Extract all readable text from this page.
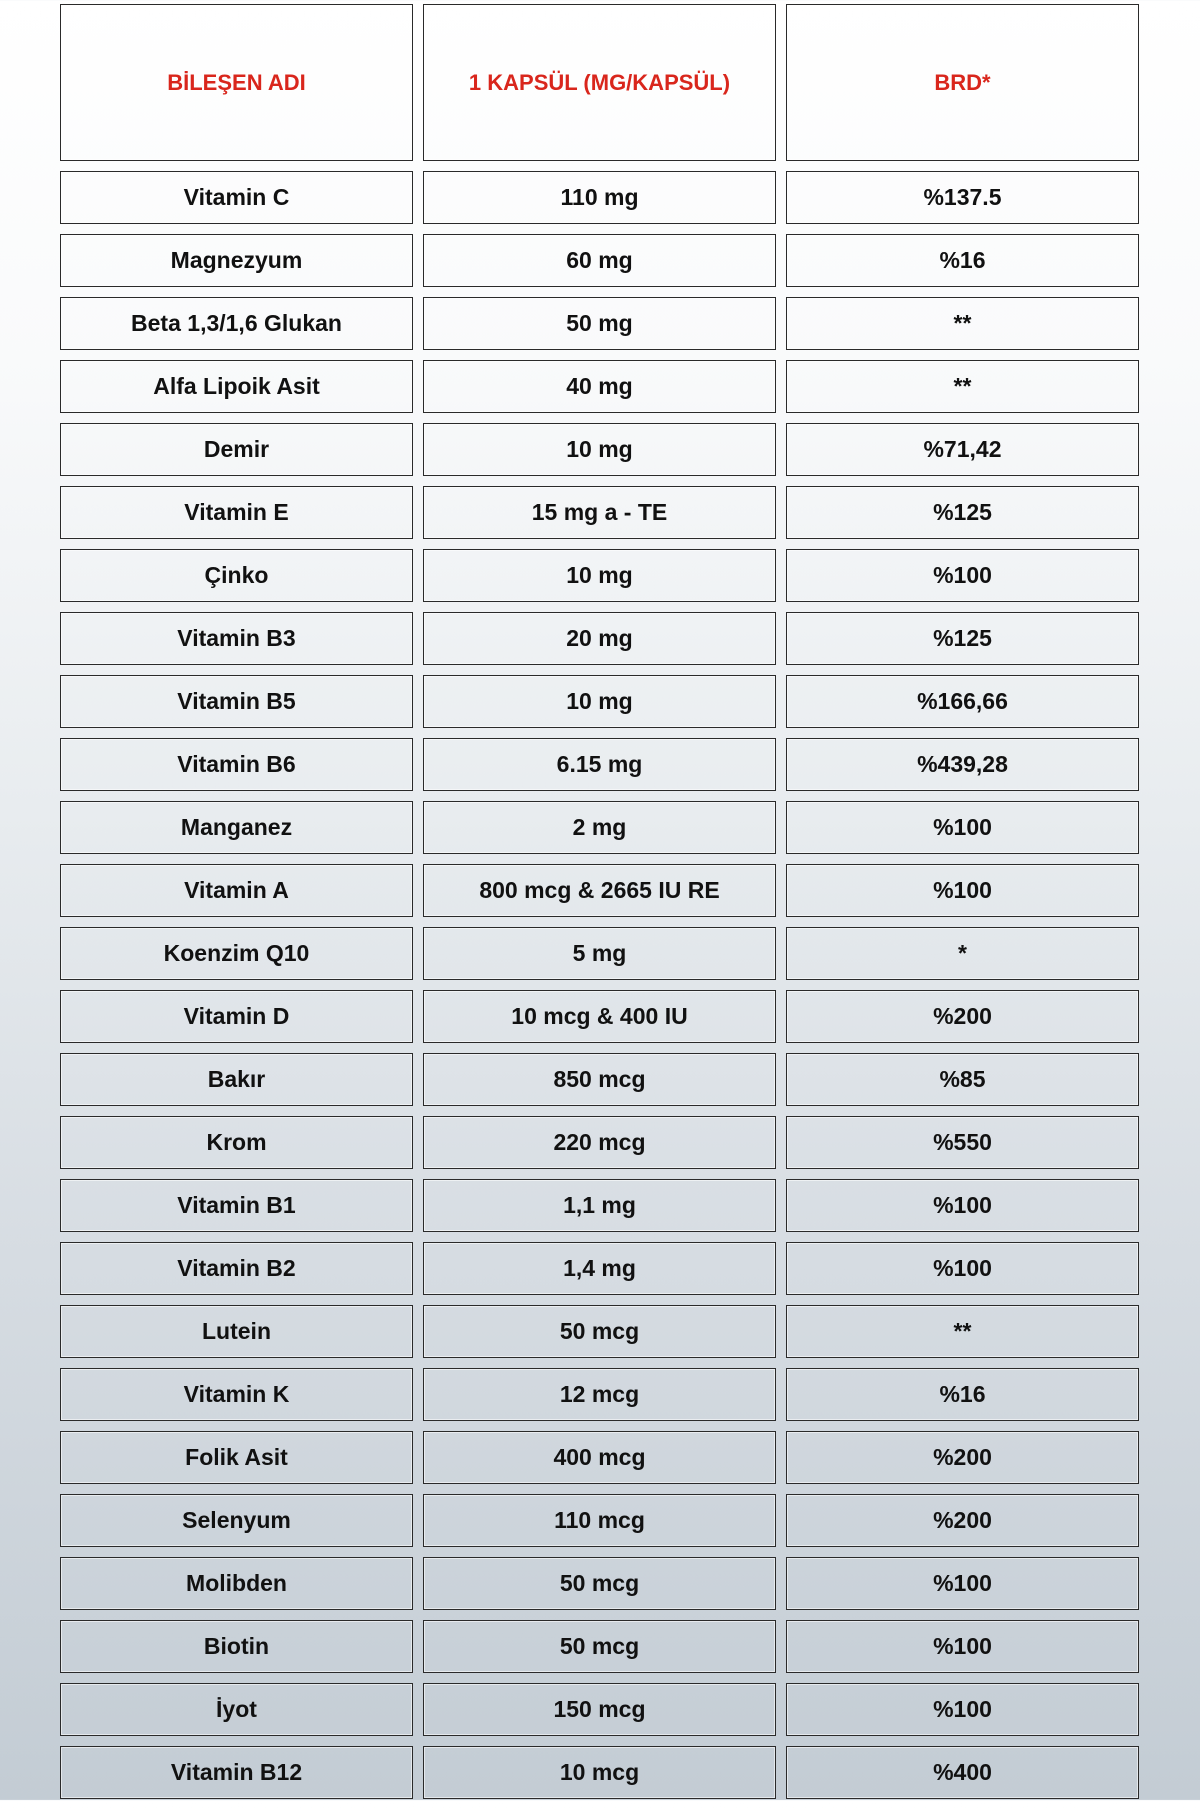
BİLEŞEN ADI	1 KAPSÜL (MG/KAPSÜL)	BRD*
Vitamin C	110 mg	%137.5
Magnezyum	60 mg	%16
Beta 1,3/1,6 Glukan	50 mg	**
Alfa Lipoik Asit	40 mg	**
Demir	10 mg	%71,42
Vitamin E	15 mg a - TE	%125
Çinko	10 mg	%100
Vitamin B3	20 mg	%125
Vitamin B5	10 mg	%166,66
Vitamin B6	6.15 mg	%439,28
Manganez	2 mg	%100
Vitamin A	800 mcg & 2665 IU RE	%100
Koenzim Q10	5 mg	*
Vitamin D	10 mcg & 400 IU	%200
Bakır	850 mcg	%85
Krom	220 mcg	%550
Vitamin B1	1,1 mg	%100
Vitamin B2	1,4 mg	%100
Lutein	50 mcg	**
Vitamin K	12 mcg	%16
Folik Asit	400 mcg	%200
Selenyum	110 mcg	%200
Molibden	50 mcg	%100
Biotin	50 mcg	%100
İyot	150 mcg	%100
Vitamin B12	10 mcg	%400
